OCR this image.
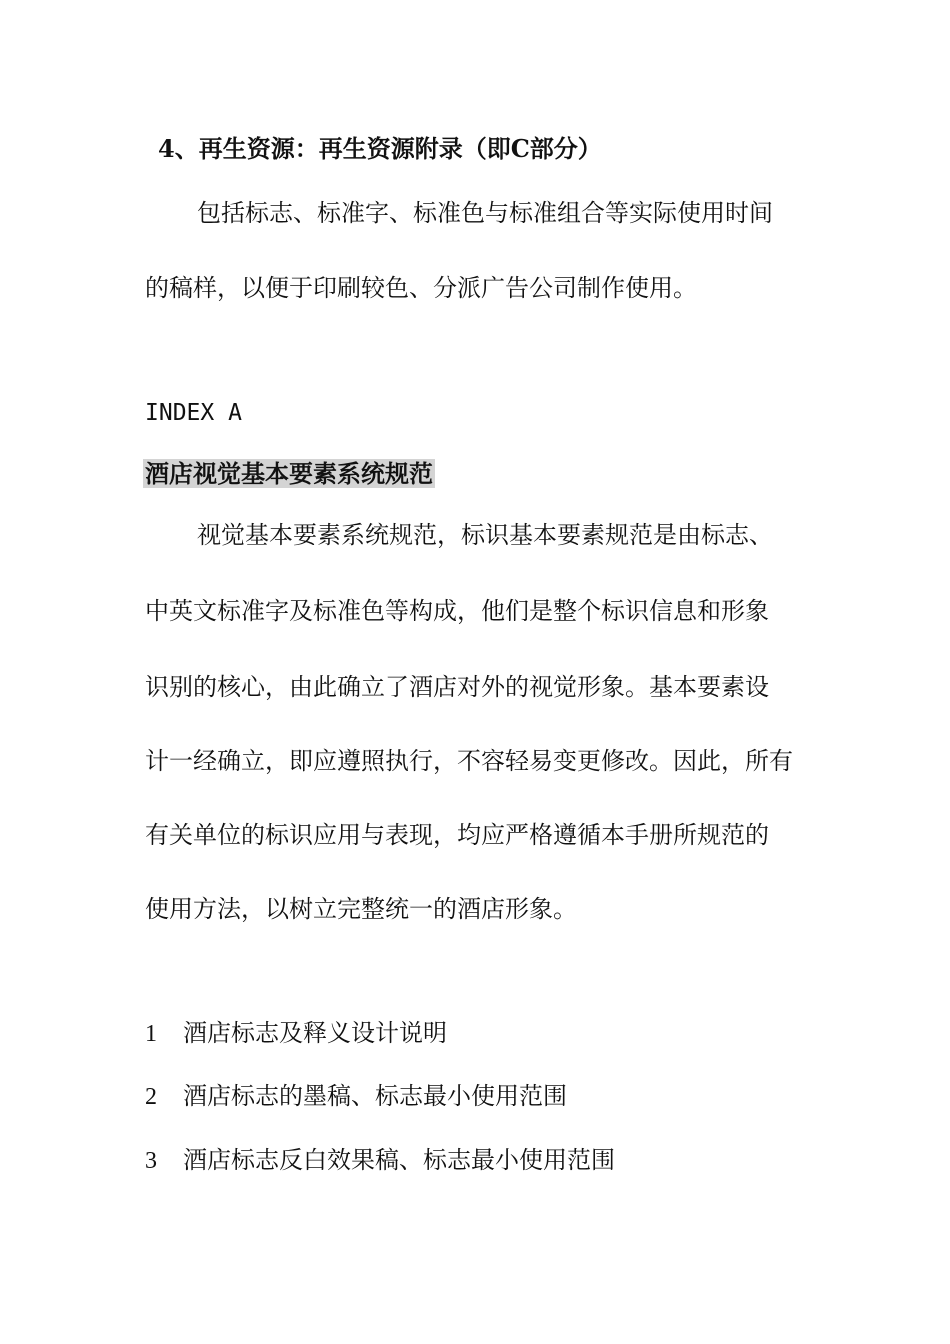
4、再生资源：再生资源附录（即C部分）
包括标志、标准字、标准色与标准组合等实际使用时间
的稿样，以便于印刷较色、分派广告公司制作使用。
INDEX A
酒店视觉基本要素系统规范
视觉基本要素系统规范，标识基本要素规范是由标志、
中英文标准字及标准色等构成，他们是整个标识信息和形象
识别的核心，由此确立了酒店对外的视觉形象。基本要素设
计一经确立，即应遵照执行，不容轻易变更修改。因此，所有
有关单位的标识应用与表现，均应严格遵循本手册所规范的
使用方法，以树立完整统一的酒店形象。
1	酒店标志及释义设计说明
2	酒店标志的墨稿、标志最小使用范围
3	酒店标志反白效果稿、标志最小使用范围
